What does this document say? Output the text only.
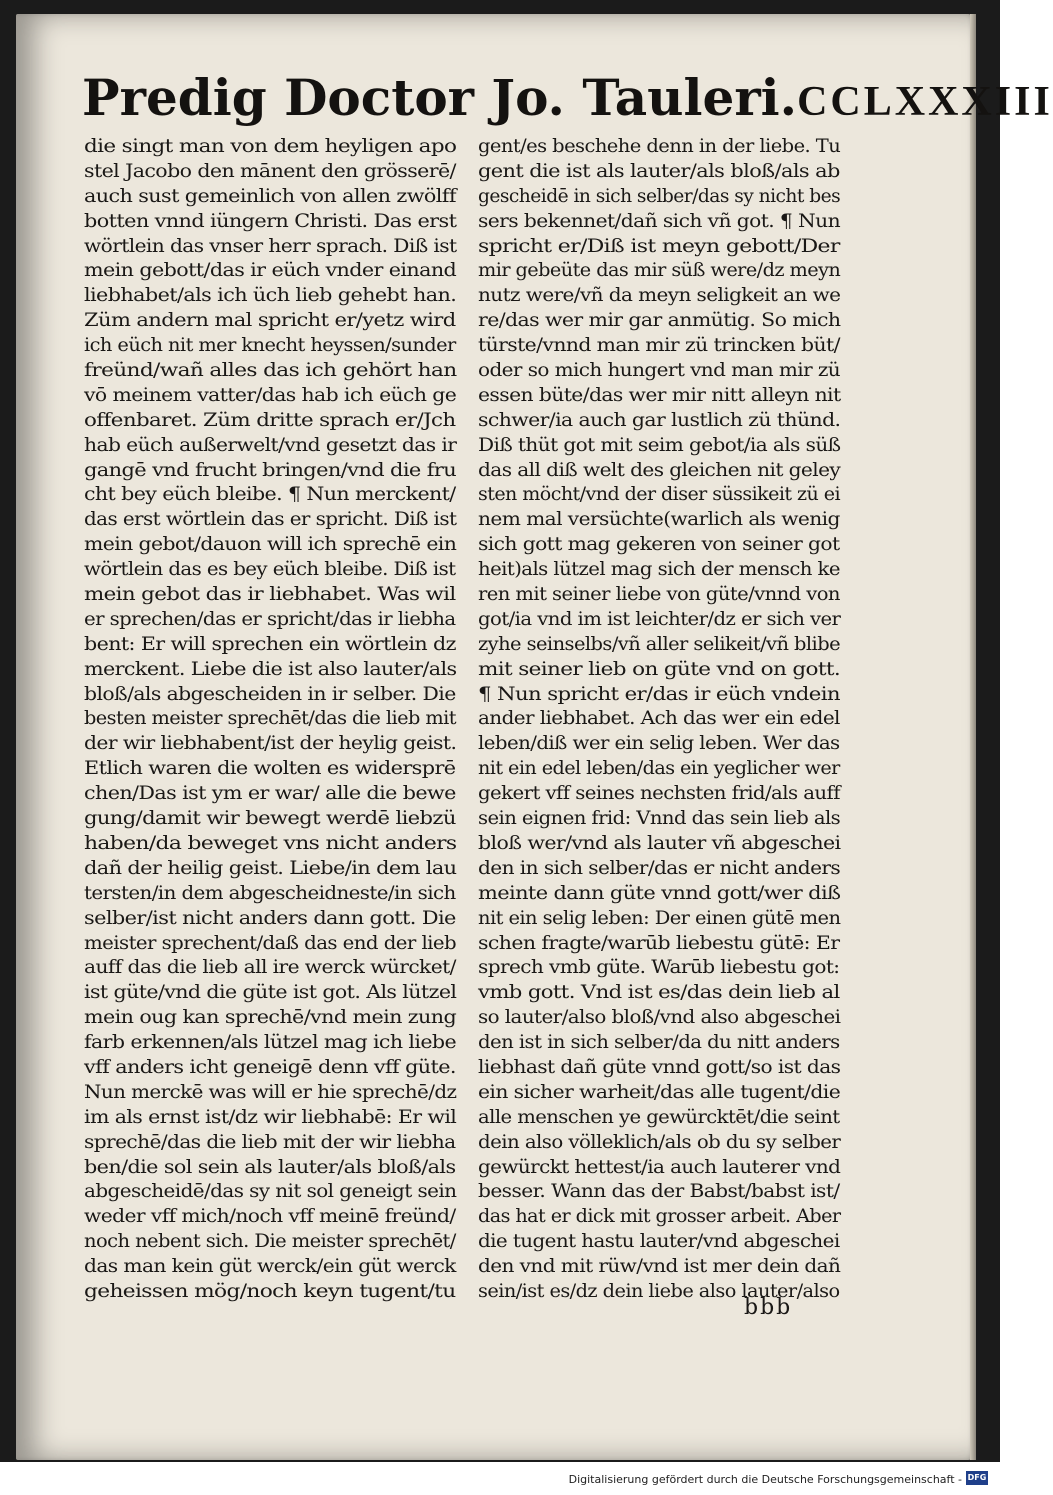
Predig Doctor Jo. Tauleri. CCLXXXIII
die singt man von dem heyligen apo
stel Jacobo den mānent den grösserē/
auch sust gemeinlich von allen zwölff
botten vnnd iüngern Christi. Das erst
wörtlein das vnser herr sprach. Diß ist
mein gebott/das ir eüch vnder einand
liebhabet/als ich üch lieb gehebt han.
Züm andern mal spricht er/yetz wird
ich eüch nit mer knecht heyssen/sunder
freünd/wañ alles das ich gehört han
vō meinem vatter/das hab ich eüch ge
offenbaret. Züm dritte sprach er/Jch
hab eüch außerwelt/vnd gesetzt das ir
gangē vnd frucht bringen/vnd die fru
cht bey eüch bleibe. ¶ Nun merckent/
das erst wörtlein das er spricht. Diß ist
mein gebot/dauon will ich sprechē ein
wörtlein das es bey eüch bleibe. Diß ist
mein gebot das ir liebhabet. Was wil
er sprechen/das er spricht/das ir liebha
bent: Er will sprechen ein wörtlein dz
merckent. Liebe die ist also lauter/als
bloß/als abgescheiden in ir selber. Die
besten meister sprechēt/das die lieb mit
der wir liebhabent/ist der heylig geist.
Etlich waren die wolten es widersprē
chen/Das ist ym er war/ alle die bewe
gung/damit wir bewegt werdē liebzü
haben/da beweget vns nicht anders
dañ der heilig geist. Liebe/in dem lau
tersten/in dem abgescheidneste/in sich
selber/ist nicht anders dann gott. Die
meister sprechent/daß das end der lieb
auff das die lieb all ire werck würcket/
ist güte/vnd die güte ist got. Als lützel
mein oug kan sprechē/vnd mein zung
farb erkennen/als lützel mag ich liebe
vff anders icht geneigē denn vff güte.
Nun merckē was will er hie sprechē/dz
im als ernst ist/dz wir liebhabē: Er wil
sprechē/das die lieb mit der wir liebha
ben/die sol sein als lauter/als bloß/als
abgescheidē/das sy nit sol geneigt sein
weder vff mich/noch vff meinē freünd/
noch nebent sich. Die meister sprechēt/
das man kein güt werck/ein güt werck
geheissen mög/noch keyn tugent/tu
gent/es beschehe denn in der liebe. Tu
gent die ist als lauter/als bloß/als ab
gescheidē in sich selber/das sy nicht bes
sers bekennet/dañ sich vñ got. ¶ Nun
spricht er/Diß ist meyn gebott/Der
mir gebeüte das mir süß were/dz meyn
nutz were/vñ da meyn seligkeit an we
re/das wer mir gar anmütig. So mich
türste/vnnd man mir zü trincken büt/
oder so mich hungert vnd man mir zü
essen büte/das wer mir nitt alleyn nit
schwer/ia auch gar lustlich zü thünd.
Diß thüt got mit seim gebot/ia als süß
das all diß welt des gleichen nit geley
sten möcht/vnd der diser süssikeit zü ei
nem mal versüchte(warlich als wenig
sich gott mag gekeren von seiner got
heit)als lützel mag sich der mensch ke
ren mit seiner liebe von güte/vnnd von
got/ia vnd im ist leichter/dz er sich ver
zyhe seinselbs/vñ aller selikeit/vñ blibe
mit seiner lieb on güte vnd on gott.
¶ Nun spricht er/das ir eüch vndein
ander liebhabet. Ach das wer ein edel
leben/diß wer ein selig leben. Wer das
nit ein edel leben/das ein yeglicher wer
gekert vff seines nechsten frid/als auff
sein eignen frid: Vnnd das sein lieb als
bloß wer/vnd als lauter vñ abgeschei
den in sich selber/das er nicht anders
meinte dann güte vnnd gott/wer diß
nit ein selig leben: Der einen gütē men
schen fragte/warūb liebestu gütē: Er
sprech vmb güte. Warūb liebestu got:
vmb gott. Vnd ist es/das dein lieb al
so lauter/also bloß/vnd also abgeschei
den ist in sich selber/da du nitt anders
liebhast dañ güte vnnd gott/so ist das
ein sicher warheit/das alle tugent/die
alle menschen ye gewürcktēt/die seint
dein also völleklich/als ob du sy selber
gewürckt hettest/ia auch lauterer vnd
besser. Wann das der Babst/babst ist/
das hat er dick mit grosser arbeit. Aber
die tugent hastu lauter/vnd abgeschei
den vnd mit rüw/vnd ist mer dein dañ
sein/ist es/dz dein liebe also lauter/also
bbb
Digitalisierung gefördert durch die Deutsche Forschungsgemeinschaft - DFG
